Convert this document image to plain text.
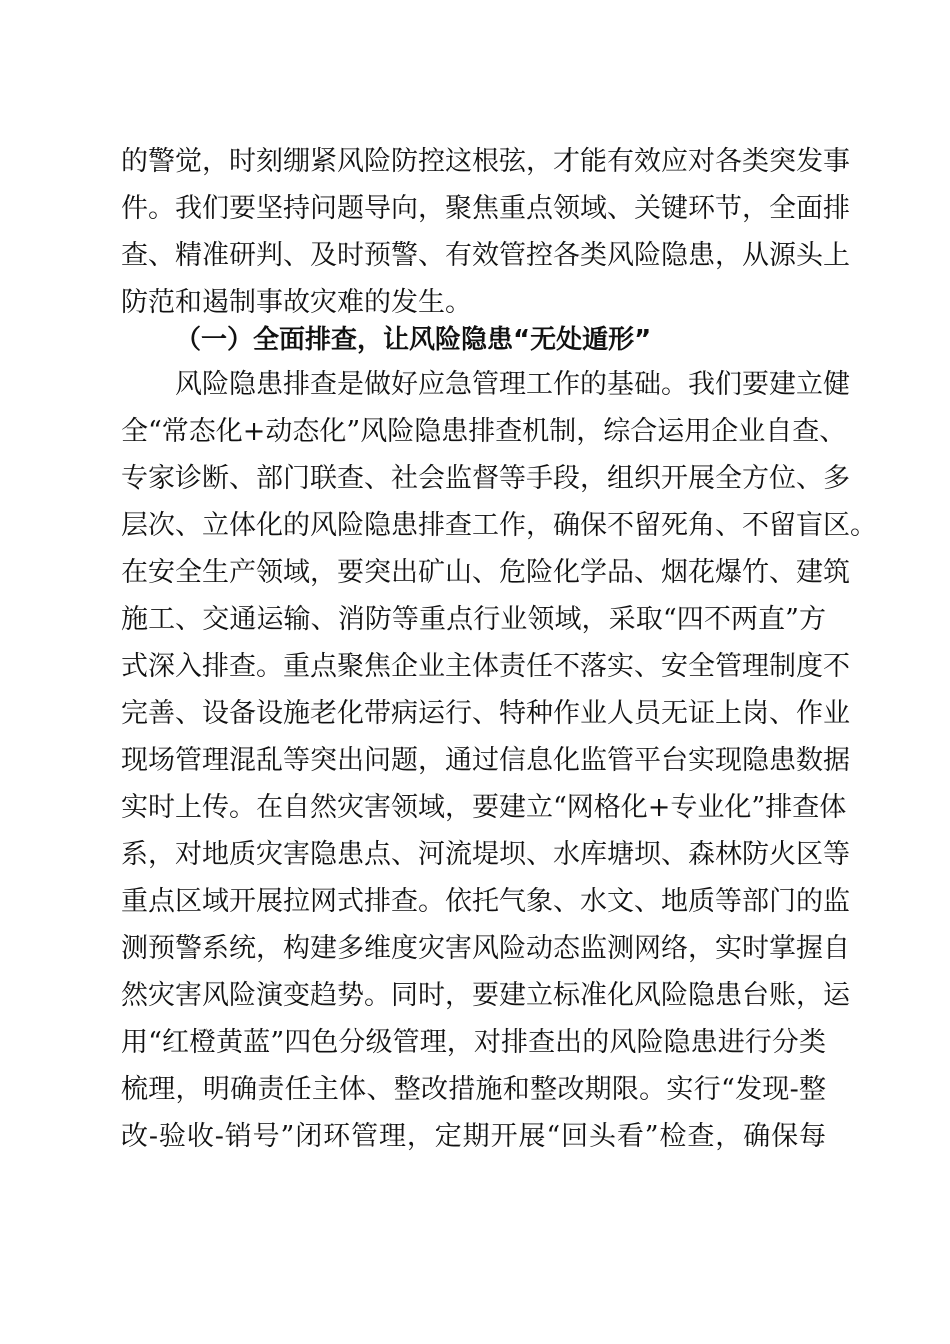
的警觉，时刻绷紧风险防控这根弦，才能有效应对各类突发事
件。我们要坚持问题导向，聚焦重点领域、关键环节，全面排
查、精准研判、及时预警、有效管控各类风险隐患，从源头上
防范和遏制事故灾难的发生。
（一）全面排查，让风险隐患“无处遁形”
风险隐患排查是做好应急管理工作的基础。我们要建立健
全“常态化+动态化”风险隐患排查机制，综合运用企业自查、
专家诊断、部门联查、社会监督等手段，组织开展全方位、多
层次、立体化的风险隐患排查工作，确保不留死角、不留盲区。
在安全生产领域，要突出矿山、危险化学品、烟花爆竹、建筑
施工、交通运输、消防等重点行业领域，采取“四不两直”方
式深入排查。重点聚焦企业主体责任不落实、安全管理制度不
完善、设备设施老化带病运行、特种作业人员无证上岗、作业
现场管理混乱等突出问题，通过信息化监管平台实现隐患数据
实时上传。在自然灾害领域，要建立“网格化+专业化”排查体
系，对地质灾害隐患点、河流堤坝、水库塘坝、森林防火区等
重点区域开展拉网式排查。依托气象、水文、地质等部门的监
测预警系统，构建多维度灾害风险动态监测网络，实时掌握自
然灾害风险演变趋势。同时，要建立标准化风险隐患台账，运
用“红橙黄蓝”四色分级管理，对排查出的风险隐患进行分类
梳理，明确责任主体、整改措施和整改期限。实行“发现-整
改-验收-销号”闭环管理，定期开展“回头看”检查，确保每
